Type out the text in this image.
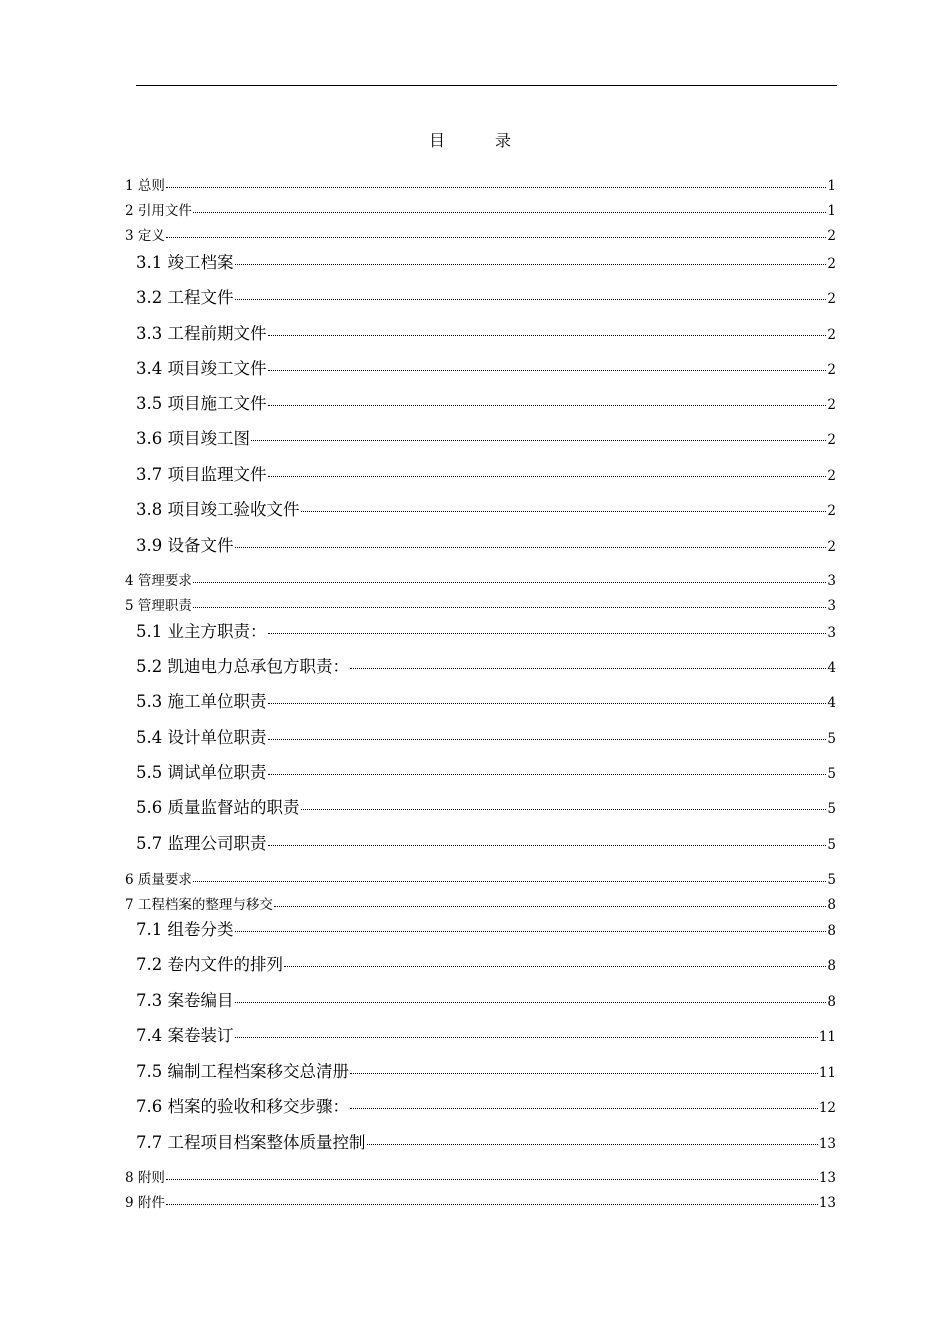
目录
1 总则	1
2 引用文件	1
3 定义	2
3.1 竣工档案	2
3.2 工程文件	2
3.3 工程前期文件	2
3.4 项目竣工文件	2
3.5 项目施工文件	2
3.6 项目竣工图	2
3.7 项目监理文件	2
3.8 项目竣工验收文件	2
3.9 设备文件	2
4 管理要求	3
5 管理职责	3
5.1 业主方职责：	3
5.2 凯迪电力总承包方职责：	4
5.3 施工单位职责	4
5.4 设计单位职责	5
5.5 调试单位职责	5
5.6 质量监督站的职责	5
5.7 监理公司职责	5
6 质量要求	5
7 工程档案的整理与移交	8
7.1 组卷分类	8
7.2 卷内文件的排列	8
7.3 案卷编目	8
7.4 案卷装订	11
7.5 编制工程档案移交总清册	11
7.6 档案的验收和移交步骤：	12
7.7 工程项目档案整体质量控制	13
8 附则	13
9 附件	13
